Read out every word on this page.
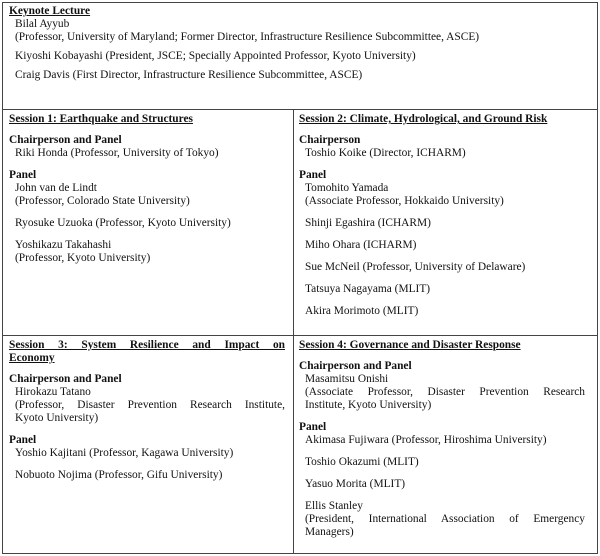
Keynote Lecture
Bilal Ayyub
(Professor, University of Maryland; Former Director, Infrastructure Resilience Subcommittee, ASCE)
Kiyoshi Kobayashi (President, JSCE; Specially Appointed Professor, Kyoto University)
Craig Davis (First Director, Infrastructure Resilience Subcommittee, ASCE)
Session 1: Earthquake and Structures
Chairperson and Panel
Riki Honda (Professor, University of Tokyo)
Panel
John van de Lindt
(Professor, Colorado State University)
Ryosuke Uzuoka (Professor, Kyoto University)
Yoshikazu Takahashi
(Professor, Kyoto University)
Session 2: Climate, Hydrological, and Ground Risk
Chairperson
Toshio Koike (Director, ICHARM)
Panel
Tomohito Yamada
(Associate Professor, Hokkaido University)
Shinji Egashira (ICHARM)
Miho Ohara (ICHARM)
Sue McNeil (Professor, University of Delaware)
Tatsuya Nagayama (MLIT)
Akira Morimoto (MLIT)
Session 3: System Resilience and Impact on
Economy
Chairperson and Panel
Hirokazu Tatano
(Professor, Disaster Prevention Research Institute,
Kyoto University)
Panel
Yoshio Kajitani (Professor, Kagawa University)
Nobuoto Nojima (Professor, Gifu University)
Session 4: Governance and Disaster Response
Chairperson and Panel
Masamitsu Onishi
(Associate Professor, Disaster Prevention Research
Institute, Kyoto University)
Panel
Akimasa Fujiwara (Professor, Hiroshima University)
Toshio Okazumi (MLIT)
Yasuo Morita (MLIT)
Ellis Stanley
(President, International Association of Emergency
Managers)
